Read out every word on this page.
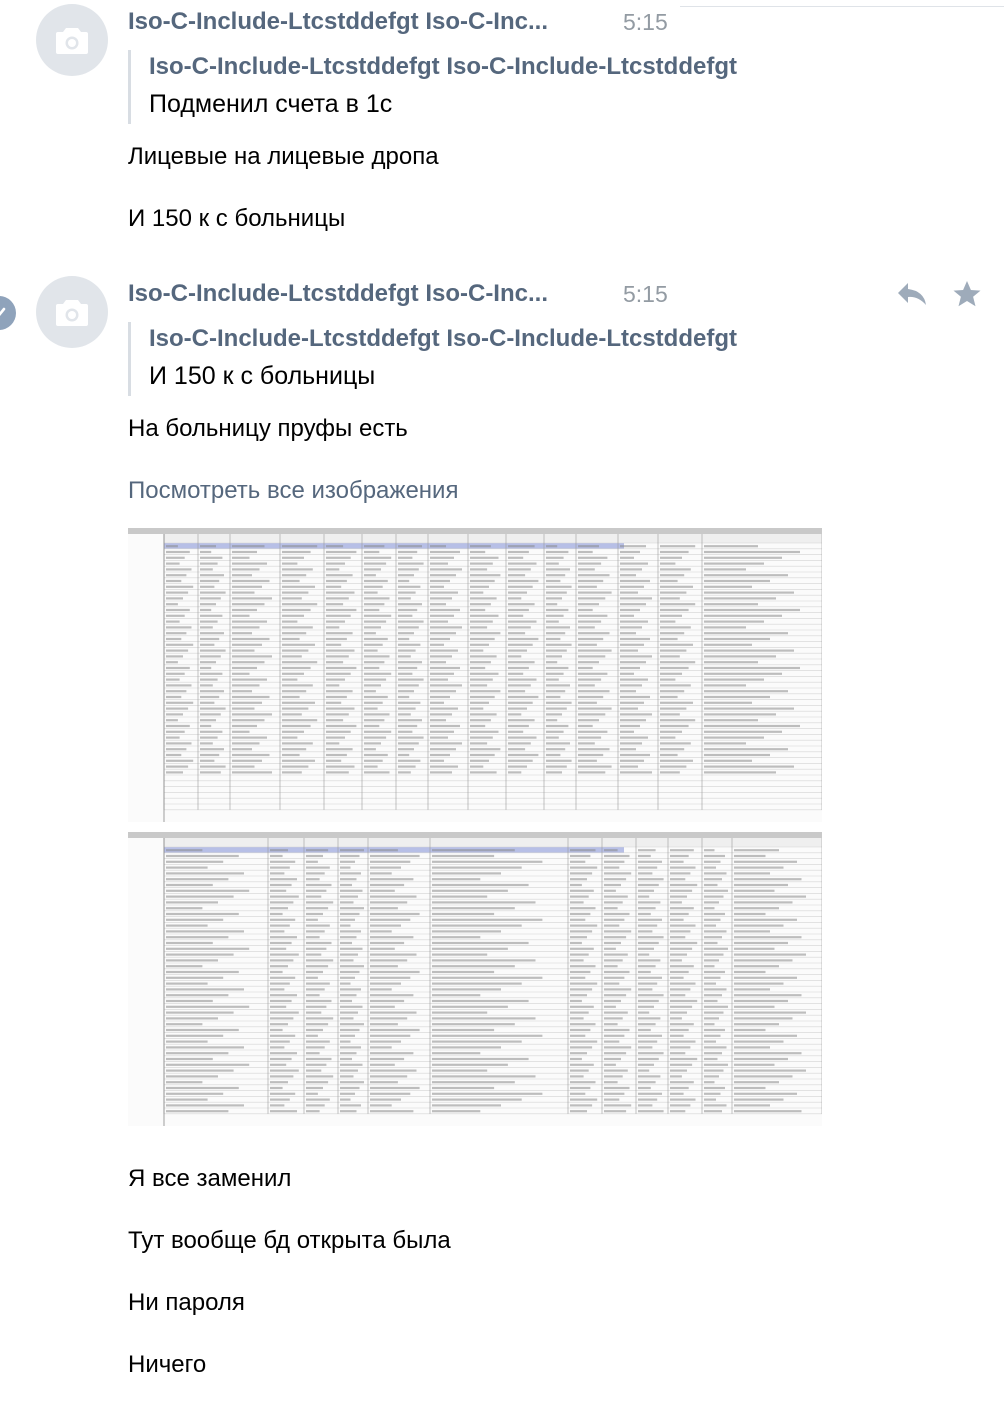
Iso-C-Include-Ltcstddefgt Iso-C-Inc...	5:15
Iso-C-Include-Ltcstddefgt Iso-C-Include-Ltcstddefgt
Подменил счета в 1с
Лицевые на лицевые дропа
И 150 к с больницы
Iso-C-Include-Ltcstddefgt Iso-C-Inc...	5:15
Iso-C-Include-Ltcstddefgt Iso-C-Include-Ltcstddefgt
И 150 к с больницы
На больницу пруфы есть
Посмотреть все изображения
Я все заменил
Тут вообще бд открыта была
Ни пароля
Ничего
